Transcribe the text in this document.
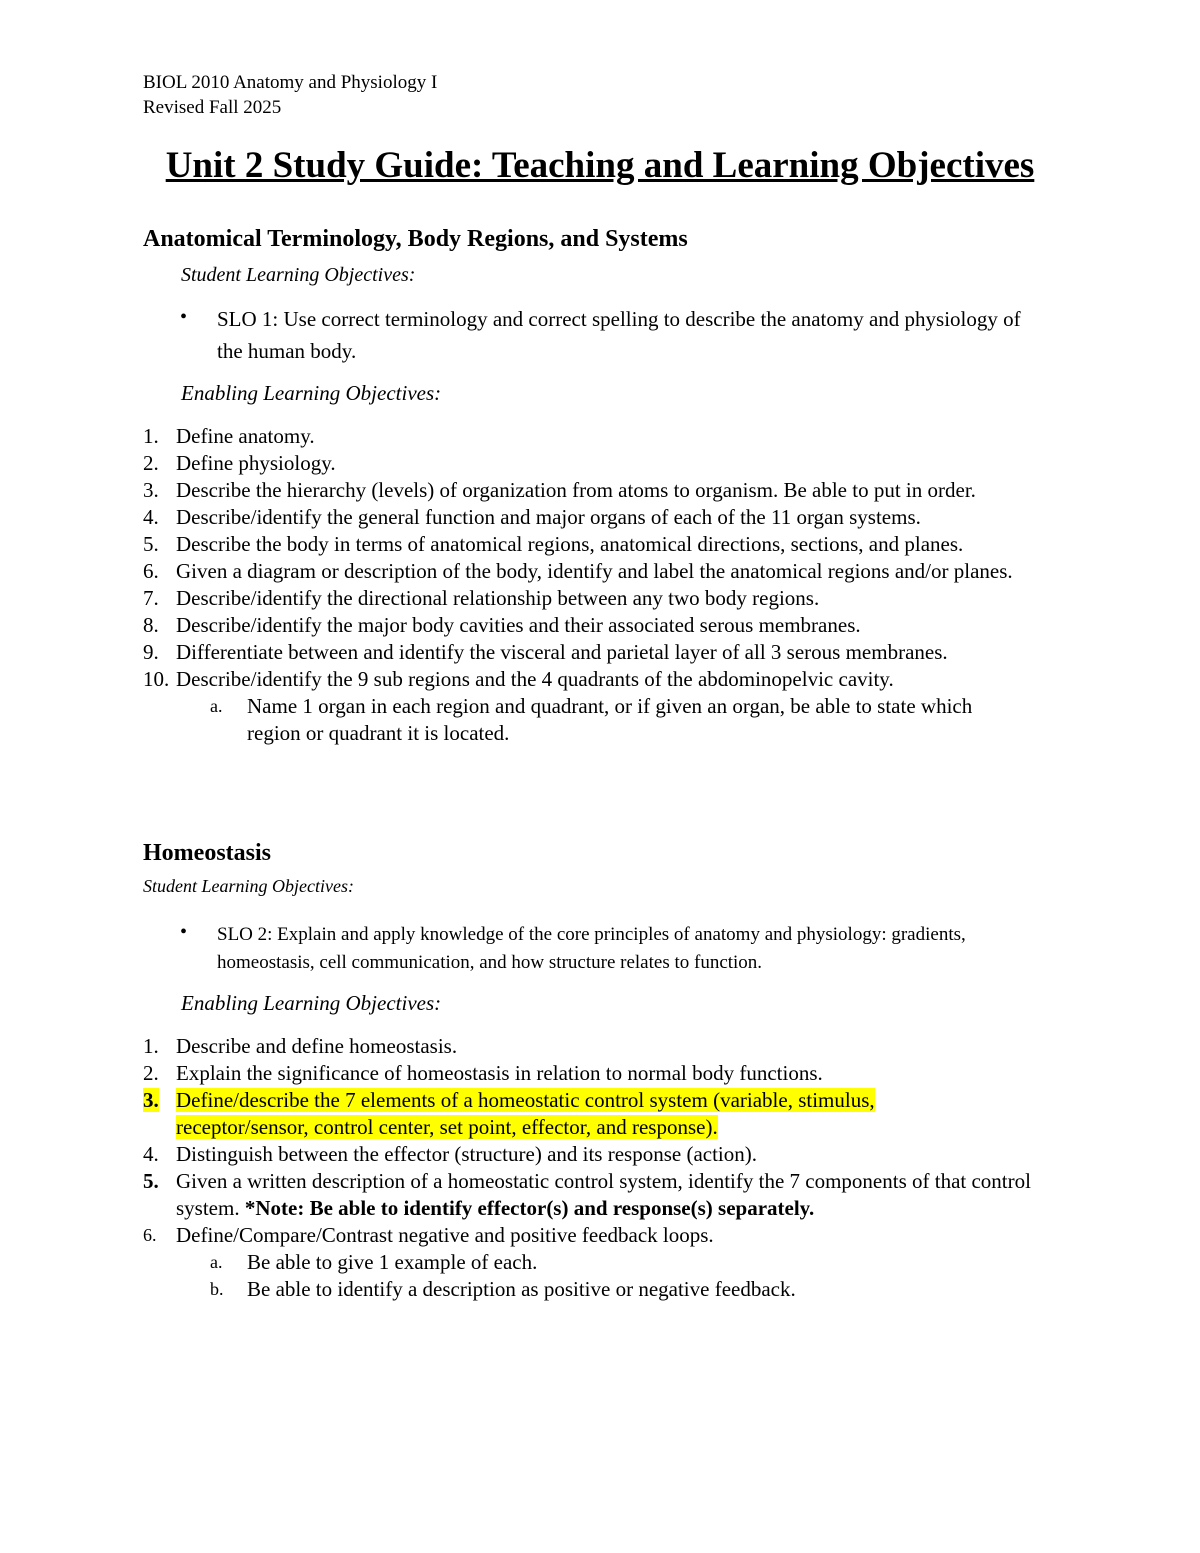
BIOL 2010 Anatomy and Physiology I
Revised Fall 2025
Unit 2 Study Guide: Teaching and Learning Objectives
Anatomical Terminology, Body Regions, and Systems
Student Learning Objectives:
• SLO 1: Use correct terminology and correct spelling to describe the anatomy and physiology of the human body.
Enabling Learning Objectives:
1. Define anatomy.
2. Define physiology.
3. Describe the hierarchy (levels) of organization from atoms to organism. Be able to put in order.
4. Describe/identify the general function and major organs of each of the 11 organ systems.
5. Describe the body in terms of anatomical regions, anatomical directions, sections, and planes.
6. Given a diagram or description of the body, identify and label the anatomical regions and/or planes.
7. Describe/identify the directional relationship between any two body regions.
8. Describe/identify the major body cavities and their associated serous membranes.
9. Differentiate between and identify the visceral and parietal layer of all 3 serous membranes.
10. Describe/identify the 9 sub regions and the 4 quadrants of the abdominopelvic cavity.
a.	Name 1 organ in each region and quadrant, or if given an organ, be able to state which region or quadrant it is located.
Homeostasis
Student Learning Objectives:
• SLO 2: Explain and apply knowledge of the core principles of anatomy and physiology: gradients, homeostasis, cell communication, and how structure relates to function.
Enabling Learning Objectives:
1. Describe and define homeostasis.
2. Explain the significance of homeostasis in relation to normal body functions.
3. Define/describe the 7 elements of a homeostatic control system (variable, stimulus, receptor/sensor, control center, set point, effector, and response).
4. Distinguish between the effector (structure) and its response (action).
5. Given a written description of a homeostatic control system, identify the 7 components of that control system. *Note: Be able to identify effector(s) and response(s) separately.
6. Define/Compare/Contrast negative and positive feedback loops.
a.	Be able to give 1 example of each.
b.	Be able to identify a description as positive or negative feedback.
